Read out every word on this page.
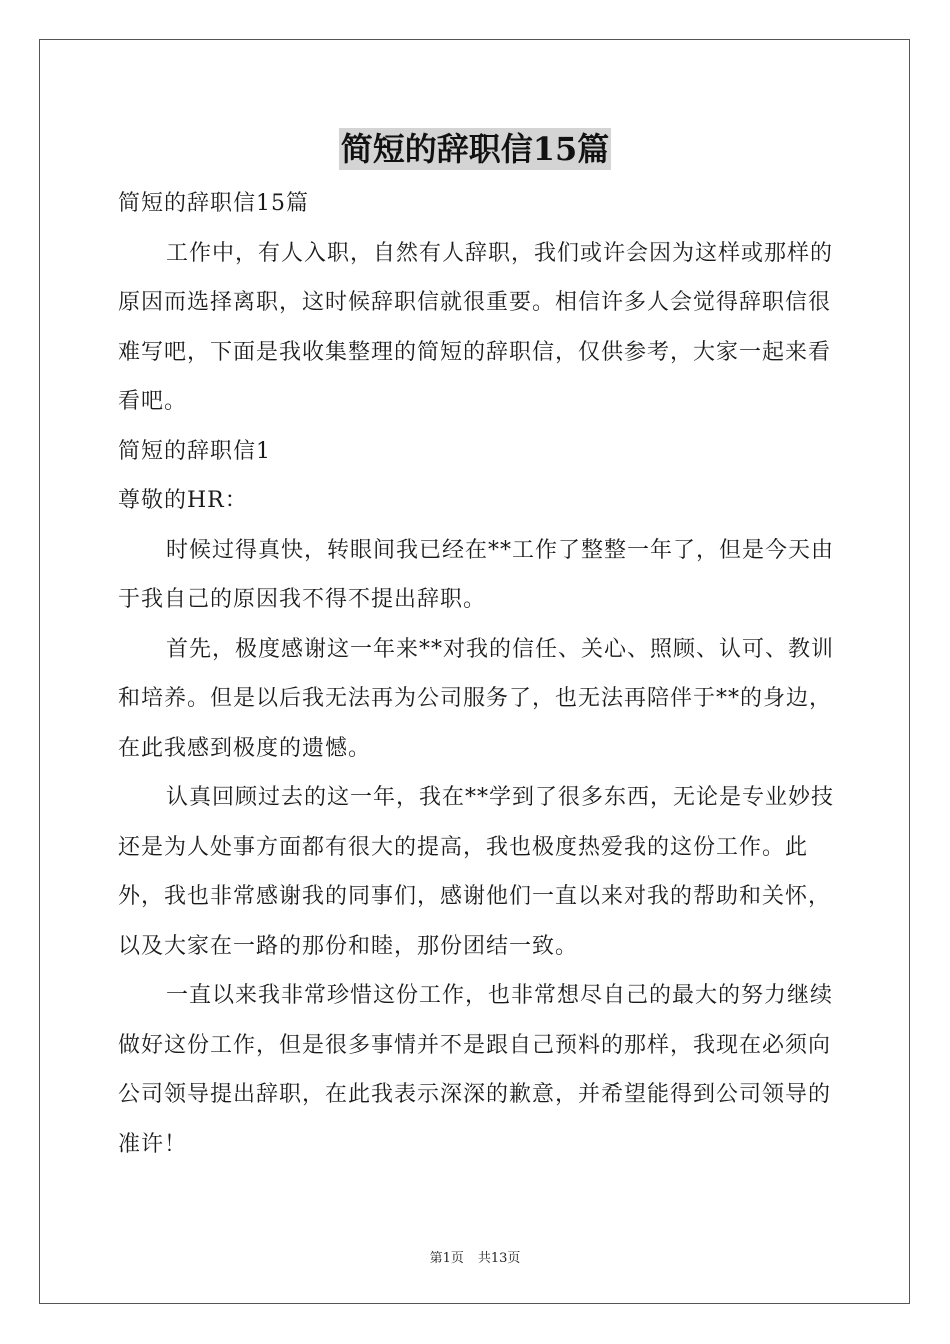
简短的辞职信15篇

简短的辞职信15篇

工作中，有人入职，自然有人辞职，我们或许会因为这样或那样的原因而选择离职，这时候辞职信就很重要。相信许多人会觉得辞职信很难写吧，下面是我收集整理的简短的辞职信，仅供参考，大家一起来看看吧。

简短的辞职信1

尊敬的HR：

时候过得真快，转眼间我已经在**工作了整整一年了，但是今天由于我自己的原因我不得不提出辞职。

首先，极度感谢这一年来**对我的信任、关心、照顾、认可、教训和培养。但是以后我无法再为公司服务了，也无法再陪伴于**的身边，在此我感到极度的遗憾。

认真回顾过去的这一年，我在**学到了很多东西，无论是专业妙技还是为人处事方面都有很大的提高，我也极度热爱我的这份工作。此外，我也非常感谢我的同事们，感谢他们一直以来对我的帮助和关怀，以及大家在一路的那份和睦，那份团结一致。

一直以来我非常珍惜这份工作，也非常想尽自己的最大的努力继续做好这份工作，但是很多事情并不是跟自己预料的那样，我现在必须向公司领导提出辞职，在此我表示深深的歉意，并希望能得到公司领导的准许！

第1页 共13页
